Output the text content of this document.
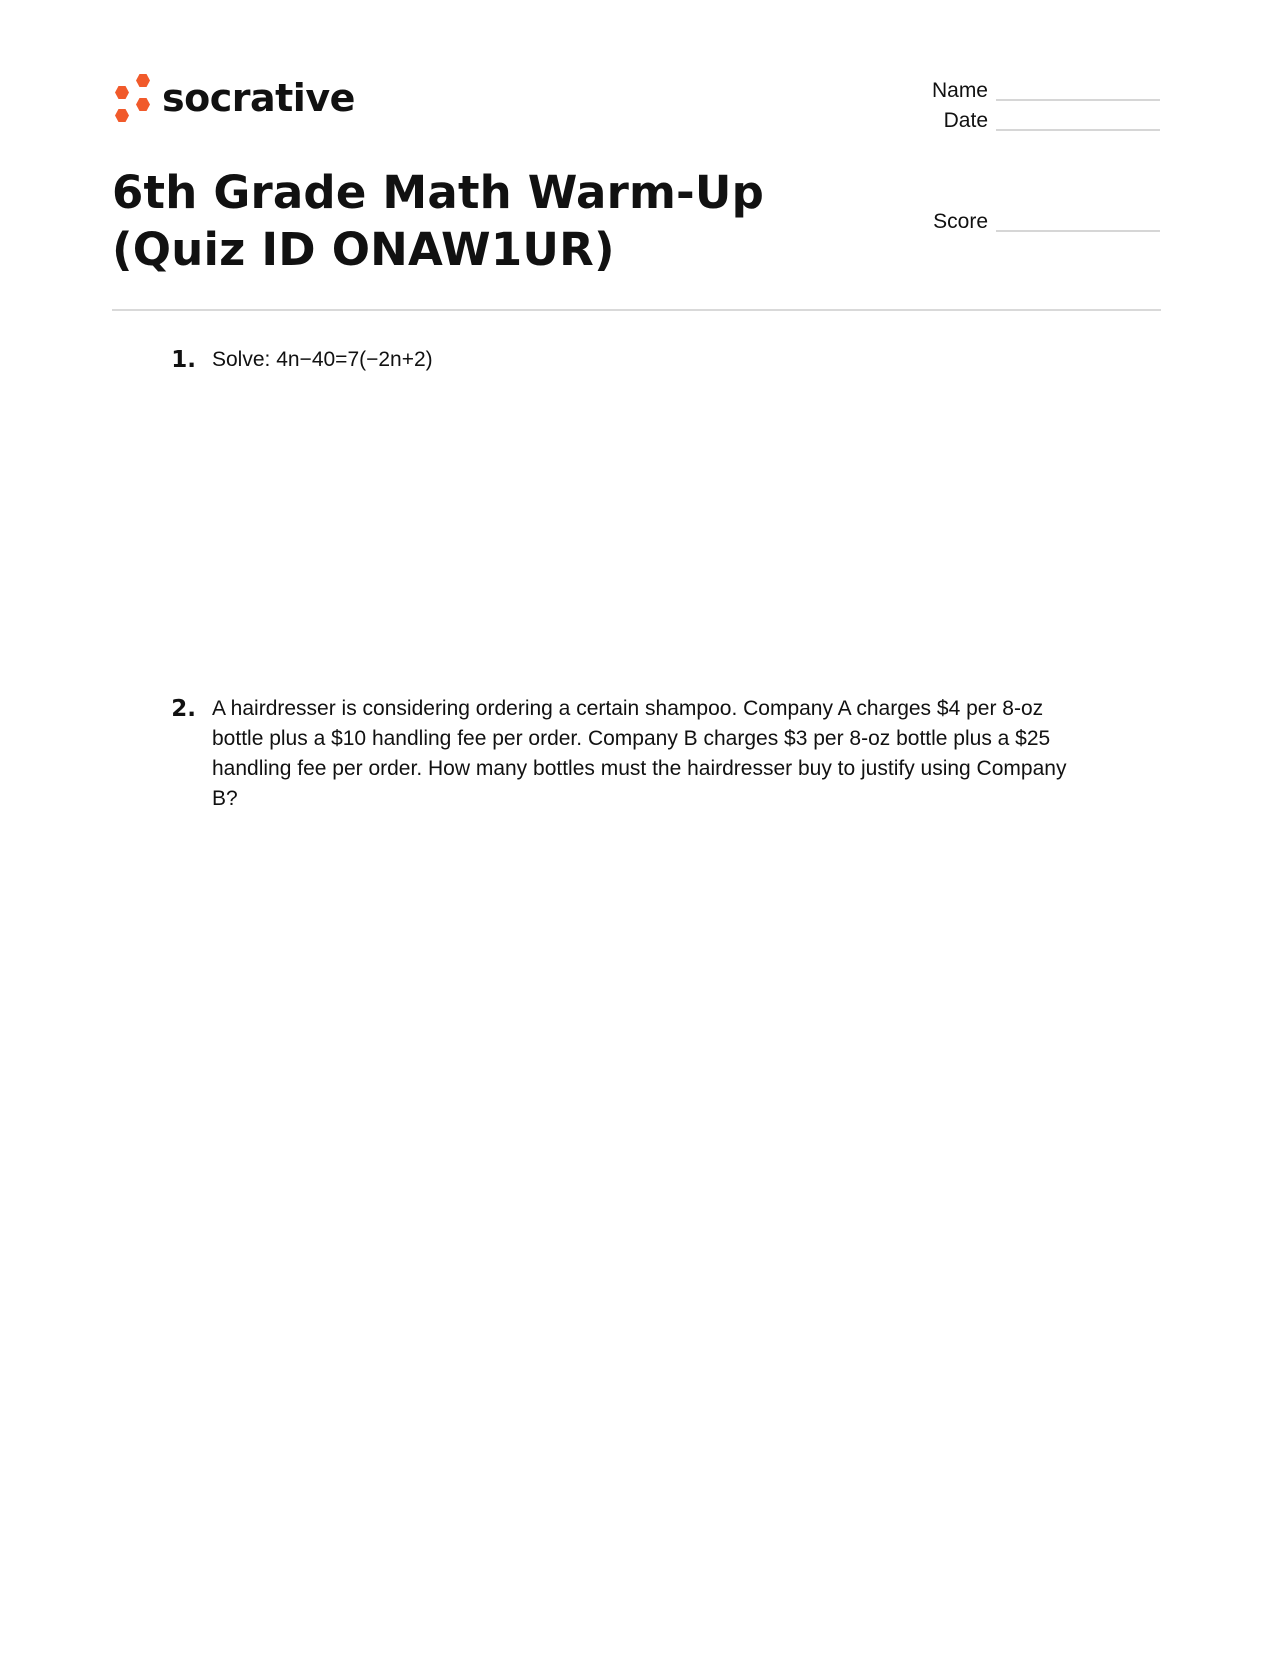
socrative	Name
Date
Score
6th Grade Math Warm-Up (Quiz ID ONAW1UR)
1. Solve: 4n−40=7(−2n+2)
2. A hairdresser is considering ordering a certain shampoo. Company A charges $4 per 8-oz bottle plus a $10 handling fee per order. Company B charges $3 per 8-oz bottle plus a $25 handling fee per order. How many bottles must the hairdresser buy to justify using Company B?
